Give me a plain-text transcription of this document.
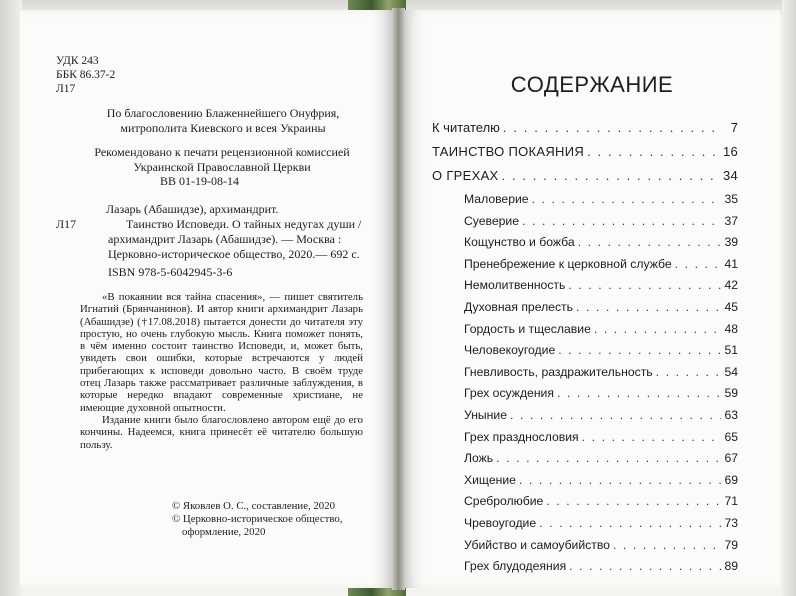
УДК 243
ББК 86.37-2
Л17
По благословению Блаженнейшего Онуфрия,
митрополита Киевского и всея Украины
Рекомендовано к печати рецензионной комиссией
Украинской Православной Церкви
ВВ 01-19-08-14
Лазарь (Абашидзе), архимандрит.
Л17	Таинство Исповеди. О тайных недугах души / архимандрит Лазарь (Абашидзе). — Москва : Церковно-историческое общество, 2020.— 692 с.
ISBN 978-5-6042945-3-6

«В покаянии вся тайна спасения», — пишет святитель Игнатий (Брянчанинов). И автор книги архимандрит Лазарь (Абашидзе) (†17.08.2018) пытается донести до читателя эту простую, но очень глубокую мысль. Книга поможет понять, в чём именно состоит таинство Исповеди, и, может быть, увидеть свои ошибки, которые встречаются у людей прибегающих к исповеди довольно часто. В своём труде отец Лазарь также рассматривает различные заблуждения, в которые нередко впадают современные христиане, не имеющие духовной опытности.

Издание книги было благословлено автором ещё до его кончины. Надеемся, книга принесёт её читателю большую пользу.

© Яковлев О. С., составление, 2020
© Церковно-историческое общество, оформление, 2020
СОДЕРЖАНИЕ
К читателю . . .	7
ТАИНСТВО ПОКАЯНИЯ . . .	16
О ГРЕХАХ . . .	34
Маловерие . . .	35
Суеверие . . .	37
Кощунство и божба . . .	39
Пренебрежение к церковной службе . . .	41
Немолитвенность . . .	42
Духовная прелесть . . .	45
Гордость и тщеславие . . .	48
Человекоугодие . . .	51
Гневливость, раздражительность . . .	54
Грех осуждения . . .	59
Уныние . . .	63
Грех празднословия . . .	65
Ложь . . .	67
Хищение . . .	69
Сребролюбие . . .	71
Чревоугодие . . .	73
Убийство и самоубийство . . .	79
Грех блудодеяния . . .	89
